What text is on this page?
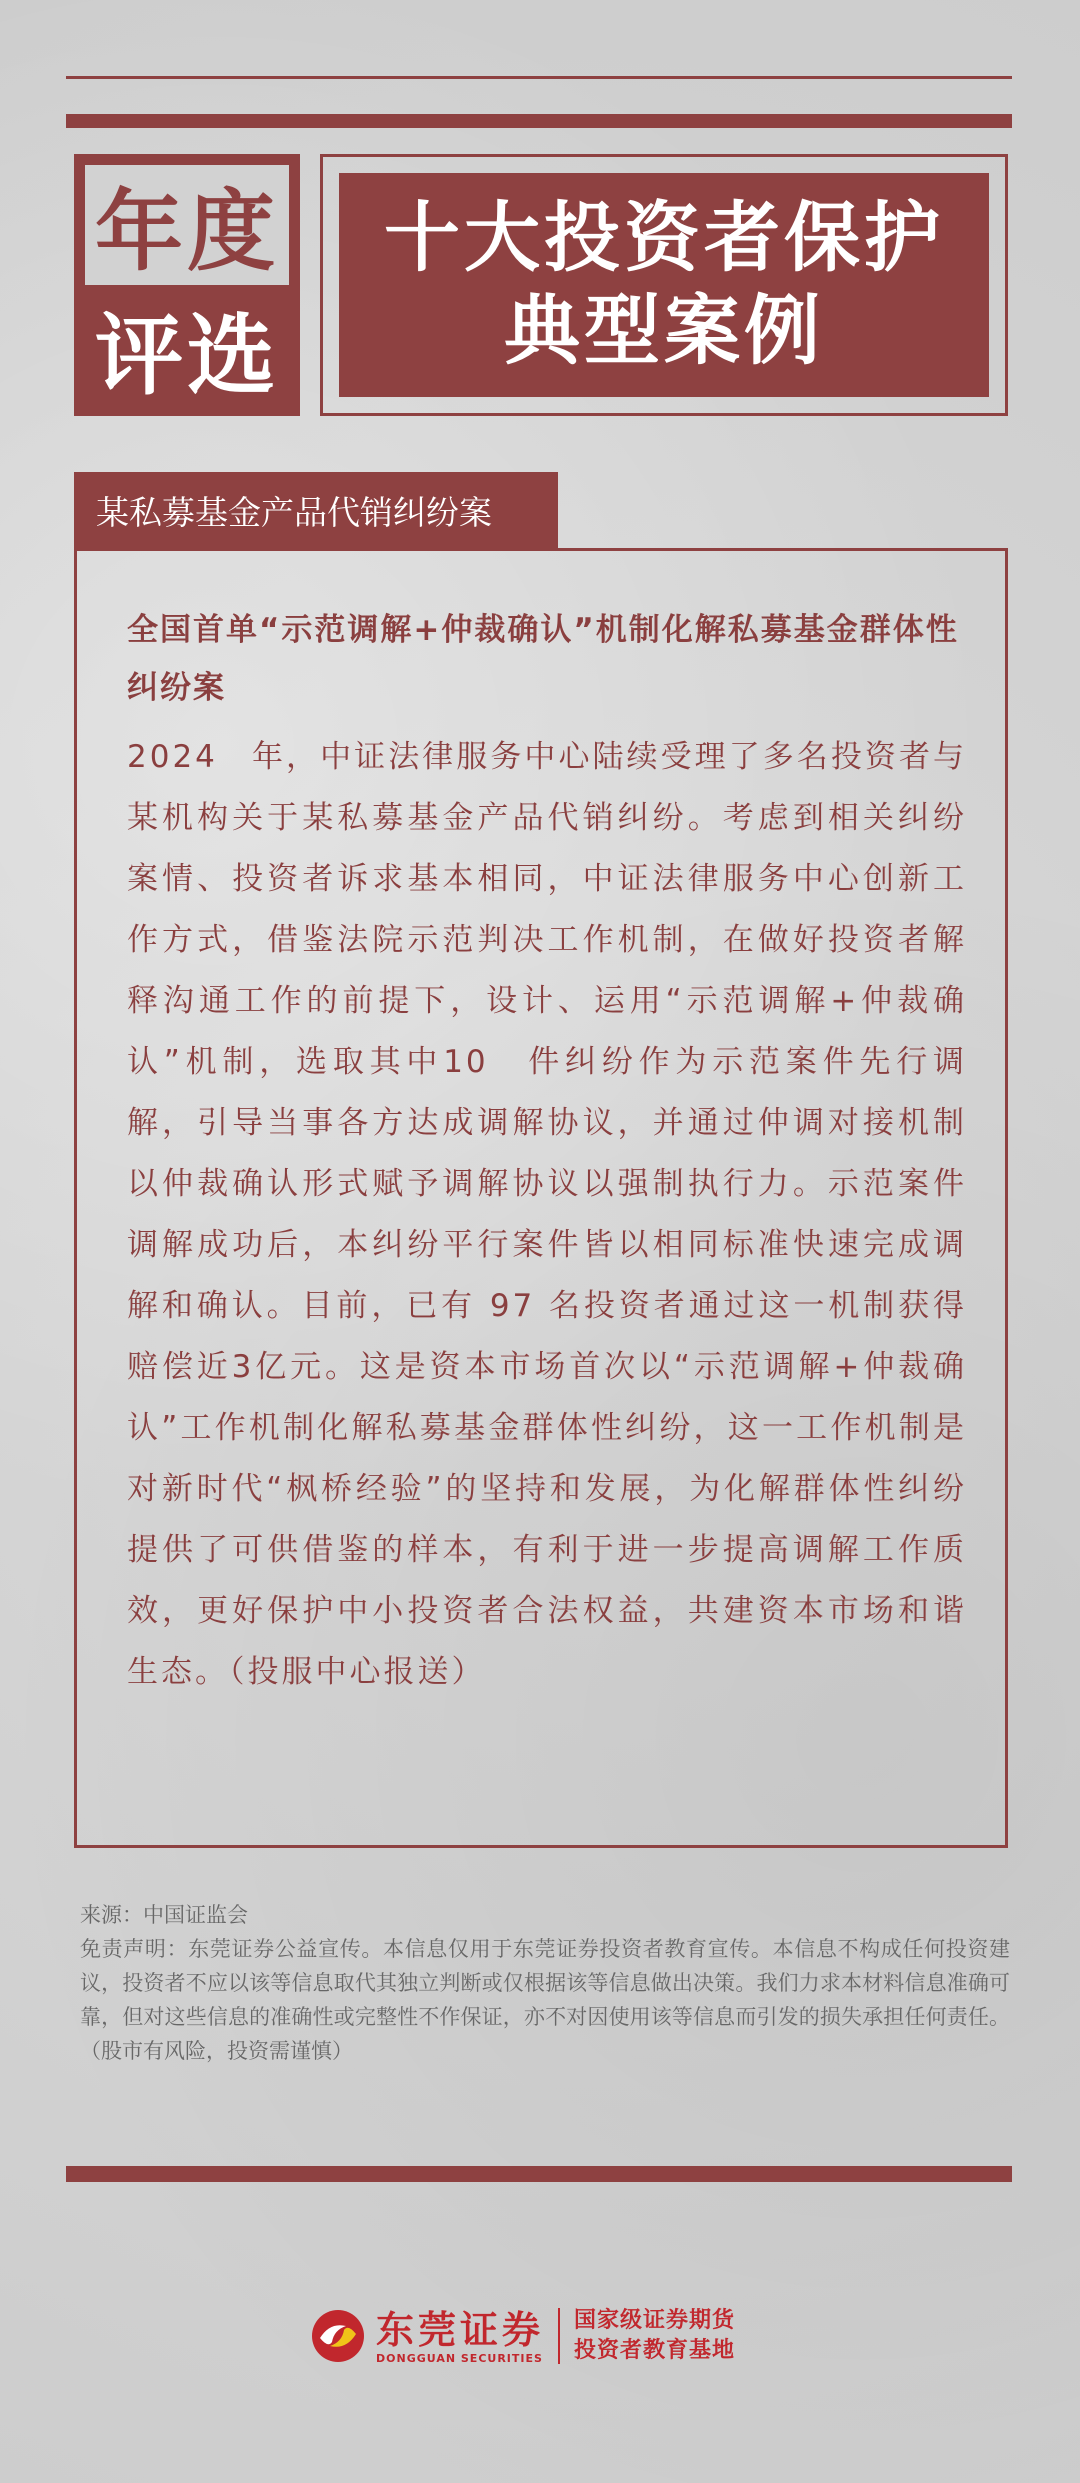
年度
评选
十大投资者保护
典型案例
某私募基金产品代销纠纷案
全国首单“示范调解+仲裁确认”机制化解私募基金群体性纠纷案
2024　年，中证法律服务中心陆续受理了多名投资者与某机构关于某私募基金产品代销纠纷。考虑到相关纠纷案情、投资者诉求基本相同，中证法律服务中心创新工作方式，借鉴法院示范判决工作机制，在做好投资者解释沟通工作的前提下，设计、运用“示范调解+仲裁确认”机制，选取其中10　件纠纷作为示范案件先行调解，引导当事各方达成调解协议，并通过仲调对接机制以仲裁确认形式赋予调解协议以强制执行力。示范案件调解成功后，本纠纷平行案件皆以相同标准快速完成调解和确认。目前，已有 97 名投资者通过这一机制获得赔偿近3亿元。这是资本市场首次以“示范调解+仲裁确认”工作机制化解私募基金群体性纠纷，这一工作机制是对新时代“枫桥经验”的坚持和发展，为化解群体性纠纷提供了可供借鉴的样本，有利于进一步提高调解工作质效，更好保护中小投资者合法权益，共建资本市场和谐生态。（投服中心报送）
来源：中国证监会
免责声明：东莞证券公益宣传。本信息仅用于东莞证券投资者教育宣传。本信息不构成任何投资建议，投资者不应以该等信息取代其独立判断或仅根据该等信息做出决策。我们力求本材料信息准确可靠，但对这些信息的准确性或完整性不作保证，亦不对因使用该等信息而引发的损失承担任何责任。（股市有风险，投资需谨慎）
东莞证券
DONGGUAN SECURITIES
国家级证券期货
投资者教育基地
